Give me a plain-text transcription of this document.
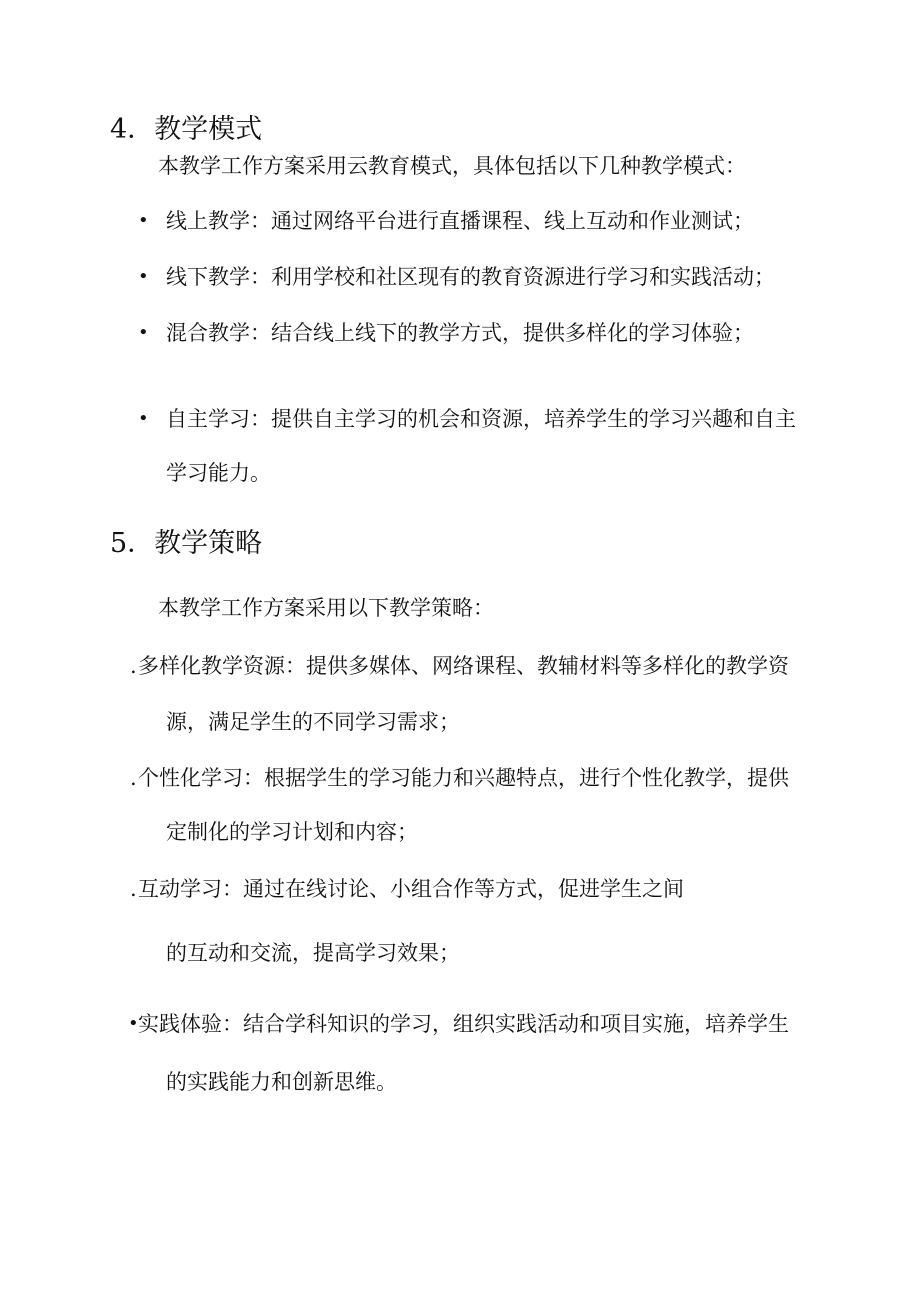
4．教学模式
本教学工作方案采用云教育模式，具体包括以下几种教学模式：
• 线上教学：通过网络平台进行直播课程、线上互动和作业测试；
• 线下教学：利用学校和社区现有的教育资源进行学习和实践活动；
• 混合教学：结合线上线下的教学方式，提供多样化的学习体验；
• 自主学习：提供自主学习的机会和资源，培养学生的学习兴趣和自主
学习能力。
5．教学策略
本教学工作方案采用以下教学策略：
. 多样化教学资源：提供多媒体、网络课程、教辅材料等多样化的教学资
源，满足学生的不同学习需求；
. 个性化学习：根据学生的学习能力和兴趣特点，进行个性化教学，提供
定制化的学习计划和内容；
. 互动学习：通过在线讨论、小组合作等方式，促进学生之间
的互动和交流，提高学习效果；
• 实践体验：结合学科知识的学习，组织实践活动和项目实施，培养学生
的实践能力和创新思维。
